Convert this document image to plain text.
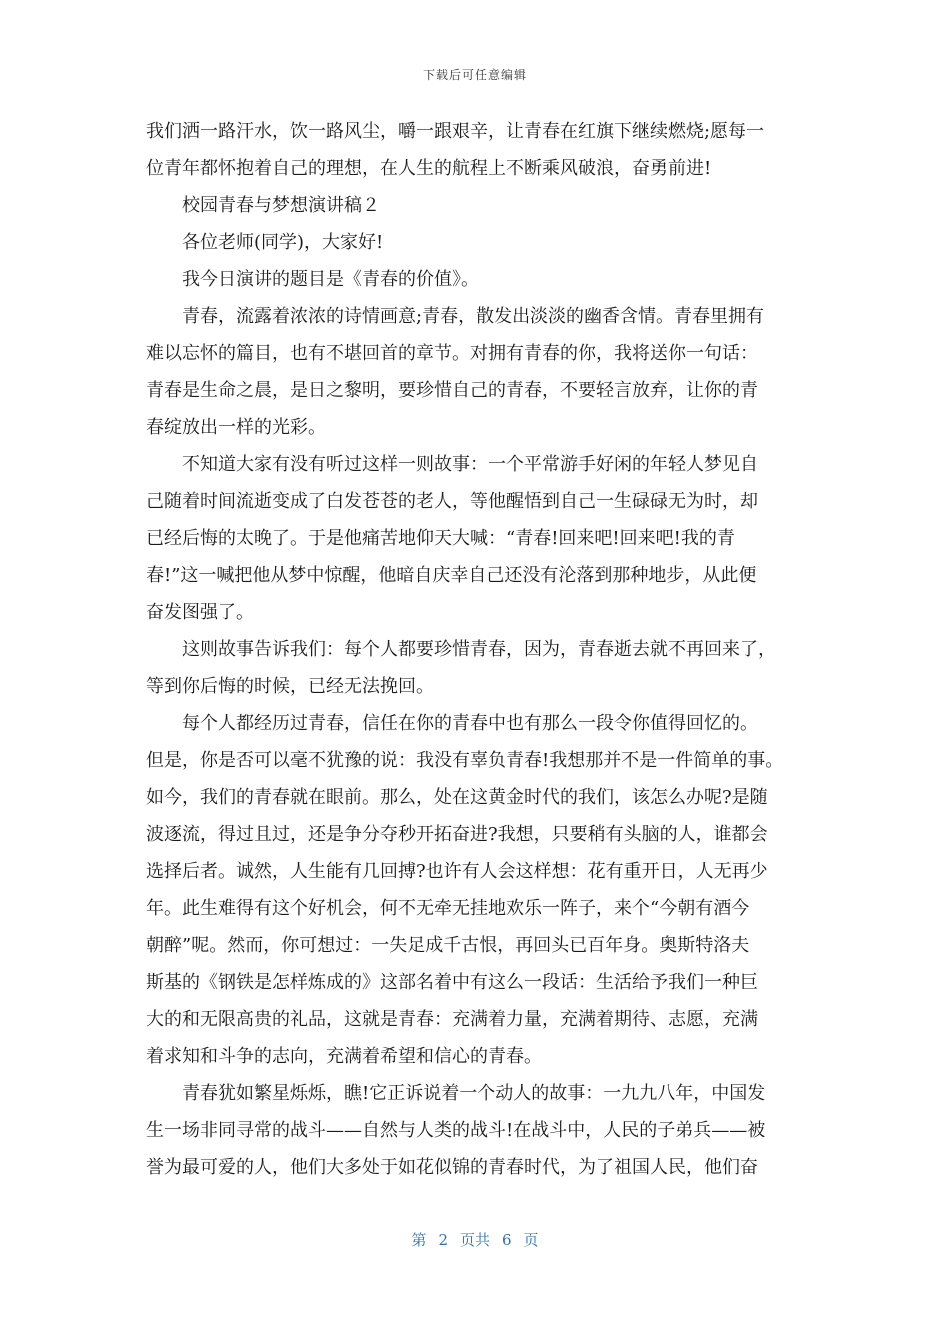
下载后可任意编辑
我们洒一路汗水，饮一路风尘，嚼一跟艰辛，让青春在红旗下继续燃烧;愿每一
位青年都怀抱着自己的理想，在人生的航程上不断乘风破浪，奋勇前进!
校园青春与梦想演讲稿２
各位老师(同学)，大家好!
我今日演讲的题目是《青春的价值》。
青春，流露着浓浓的诗情画意;青春，散发出淡淡的幽香含情。青春里拥有
难以忘怀的篇目，也有不堪回首的章节。对拥有青春的你，我将送你一句话：
青春是生命之晨，是日之黎明，要珍惜自己的青春，不要轻言放弃，让你的青
春绽放出一样的光彩。
不知道大家有没有听过这样一则故事：一个平常游手好闲的年轻人梦见自
己随着时间流逝变成了白发苍苍的老人，等他醒悟到自己一生碌碌无为时，却
已经后悔的太晚了。于是他痛苦地仰天大喊：“青春!回来吧!回来吧!我的青
春!”这一喊把他从梦中惊醒，他暗自庆幸自己还没有沦落到那种地步，从此便
奋发图强了。
这则故事告诉我们：每个人都要珍惜青春，因为，青春逝去就不再回来了，
等到你后悔的时候，已经无法挽回。
每个人都经历过青春，信任在你的青春中也有那么一段令你值得回忆的。
但是，你是否可以毫不犹豫的说：我没有辜负青春!我想那并不是一件简单的事。
如今，我们的青春就在眼前。那么，处在这黄金时代的我们，该怎么办呢?是随
波逐流，得过且过，还是争分夺秒开拓奋进?我想，只要稍有头脑的人，谁都会
选择后者。诚然，人生能有几回搏?也许有人会这样想：花有重开日，人无再少
年。此生难得有这个好机会，何不无牵无挂地欢乐一阵子，来个“今朝有酒今
朝醉”呢。然而，你可想过：一失足成千古恨，再回头已百年身。奥斯特洛夫
斯基的《钢铁是怎样炼成的》这部名着中有这么一段话：生活给予我们一种巨
大的和无限高贵的礼品，这就是青春：充满着力量，充满着期待、志愿，充满
着求知和斗争的志向，充满着希望和信心的青春。
青春犹如繁星烁烁，瞧!它正诉说着一个动人的故事：一九九八年，中国发
生一场非同寻常的战斗——自然与人类的战斗!在战斗中，人民的子弟兵——被
誉为最可爱的人，他们大多处于如花似锦的青春时代，为了祖国人民，他们奋
第 2 页共 6 页
